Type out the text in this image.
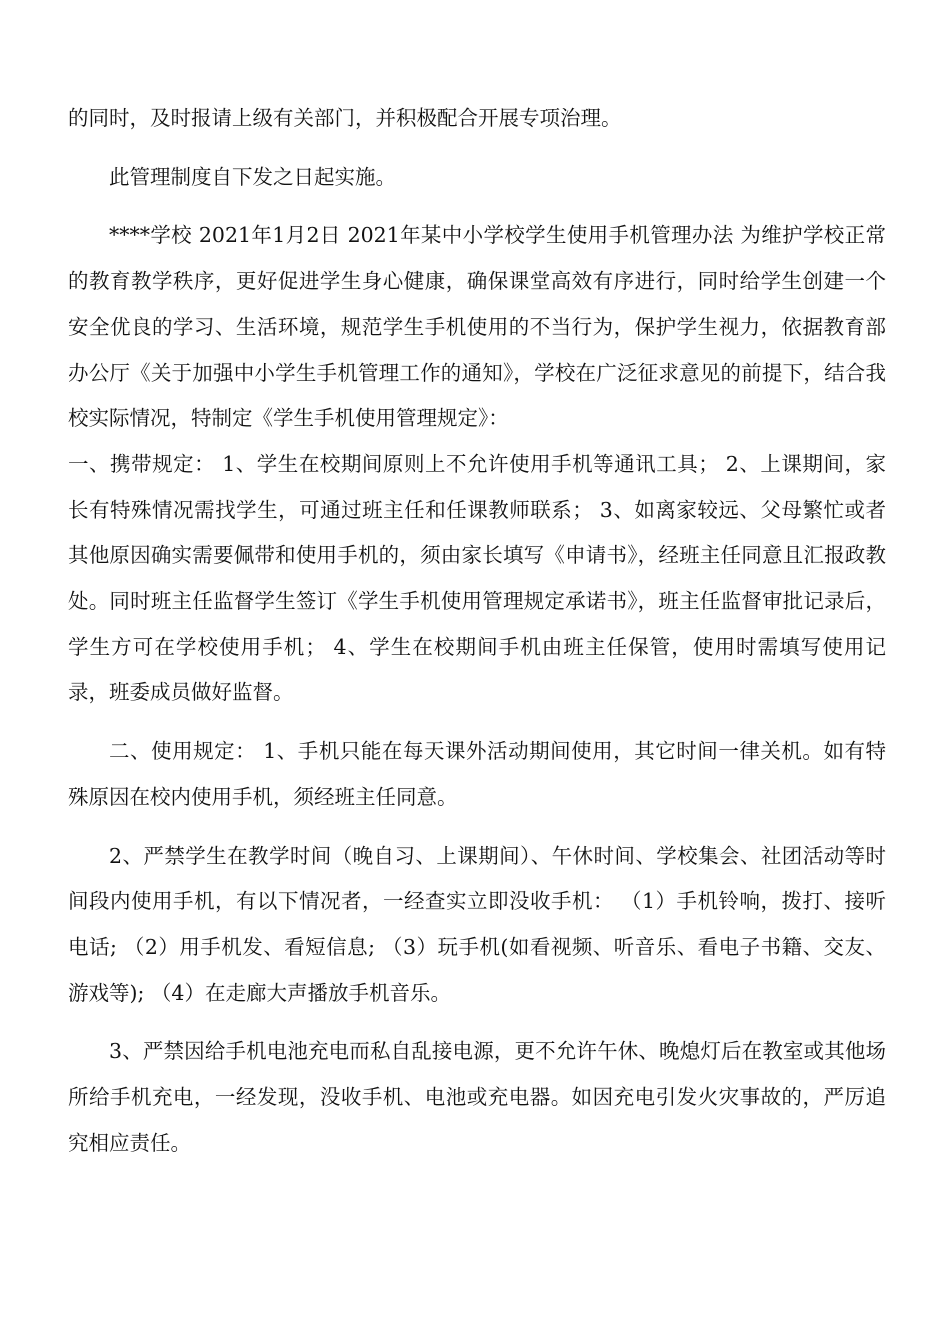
的同时，及时报请上级有关部门，并积极配合开展专项治理。

此管理制度自下发之日起实施。

****学校 2021年1月2日 2021年某中小学校学生使用手机管理办法 为维护学校正常的教育教学秩序，更好促进学生身心健康，确保课堂高效有序进行，同时给学生创建一个安全优良的学习、生活环境，规范学生手机使用的不当行为，保护学生视力，依据教育部办公厅《关于加强中小学生手机管理工作的通知》，学校在广泛征求意见的前提下，结合我校实际情况，特制定《学生手机使用管理规定》：

一、携带规定： 1、学生在校期间原则上不允许使用手机等通讯工具； 2、上课期间，家长有特殊情况需找学生，可通过班主任和任课教师联系； 3、如离家较远、父母繁忙或者其他原因确实需要佩带和使用手机的，须由家长填写《申请书》，经班主任同意且汇报政教处。同时班主任监督学生签订《学生手机使用管理规定承诺书》，班主任监督审批记录后，学生方可在学校使用手机； 4、学生在校期间手机由班主任保管，使用时需填写使用记录，班委成员做好监督。

二、使用规定： 1、手机只能在每天课外活动期间使用，其它时间一律关机。如有特殊原因在校内使用手机，须经班主任同意。

2、严禁学生在教学时间（晚自习、上课期间）、午休时间、学校集会、社团活动等时间段内使用手机，有以下情况者，一经查实立即没收手机： （1）手机铃响，拨打、接听电话; （2）用手机发、看短信息; （3）玩手机(如看视频、听音乐、看电子书籍、交友、游戏等); （4）在走廊大声播放手机音乐。

3、严禁因给手机电池充电而私自乱接电源，更不允许午休、晚熄灯后在教室或其他场所给手机充电，一经发现，没收手机、电池或充电器。如因充电引发火灾事故的，严厉追究相应责任。
